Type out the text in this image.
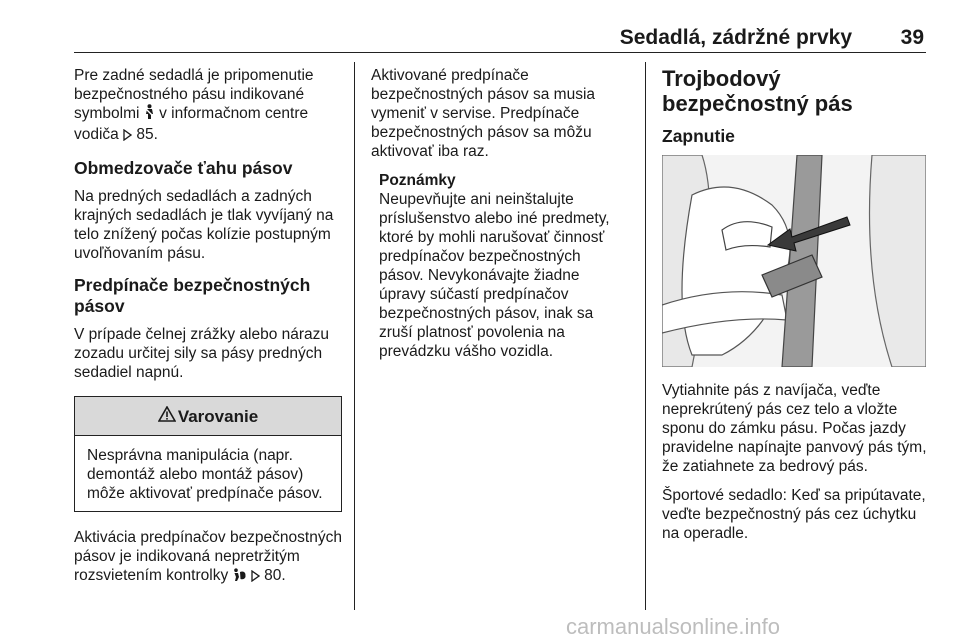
Sedadlá, zádržné prvky 39

Pre zadné sedadlá je pripomenutie bezpečnostného pásu indikované symbolmi  v informačnom centre vodiča  85.

Obmedzovače ťahu pásov

Na predných sedadlách a zadných krajných sedadlách je tlak vyvíjaný na telo znížený počas kolízie postupným uvoľňovaním pásu.

Predpínače bezpečnostných pásov

V prípade čelnej zrážky alebo nárazu zozadu určitej sily sa pásy predných sedadiel napnú.

Varovanie
Nesprávna manipulácia (napr. demontáž alebo montáž pásov) môže aktivovať predpínače pásov.

Aktivácia predpínačov bezpečnostných pásov je indikovaná nepretržitým rozsvietením kontrolky   80.

Aktivované predpínače bezpečnostných pásov sa musia vymeniť v servise. Predpínače bezpečnostných pásov sa môžu aktivovať iba raz.

Poznámky
Neupevňujte ani neinštalujte príslušenstvo alebo iné predmety, ktoré by mohli narušovať činnosť predpínačov bezpečnostných pásov. Nevykonávajte žiadne úpravy súčastí predpínačov bezpečnostných pásov, inak sa zruší platnosť povolenia na prevádzku vášho vozidla.
Trojbodový bezpečnostný pás
Zapnutie

Vytiahnite pás z navíjača, veďte neprekrútený pás cez telo a vložte sponu do zámku pásu. Počas jazdy pravidelne napínajte panvový pás tým, že zatiahnete za bedrový pás.

Športové sedadlo: Keď sa pripútavate, veďte bezpečnostný pás cez úchytku na operadle.

carmanualsonline.info
